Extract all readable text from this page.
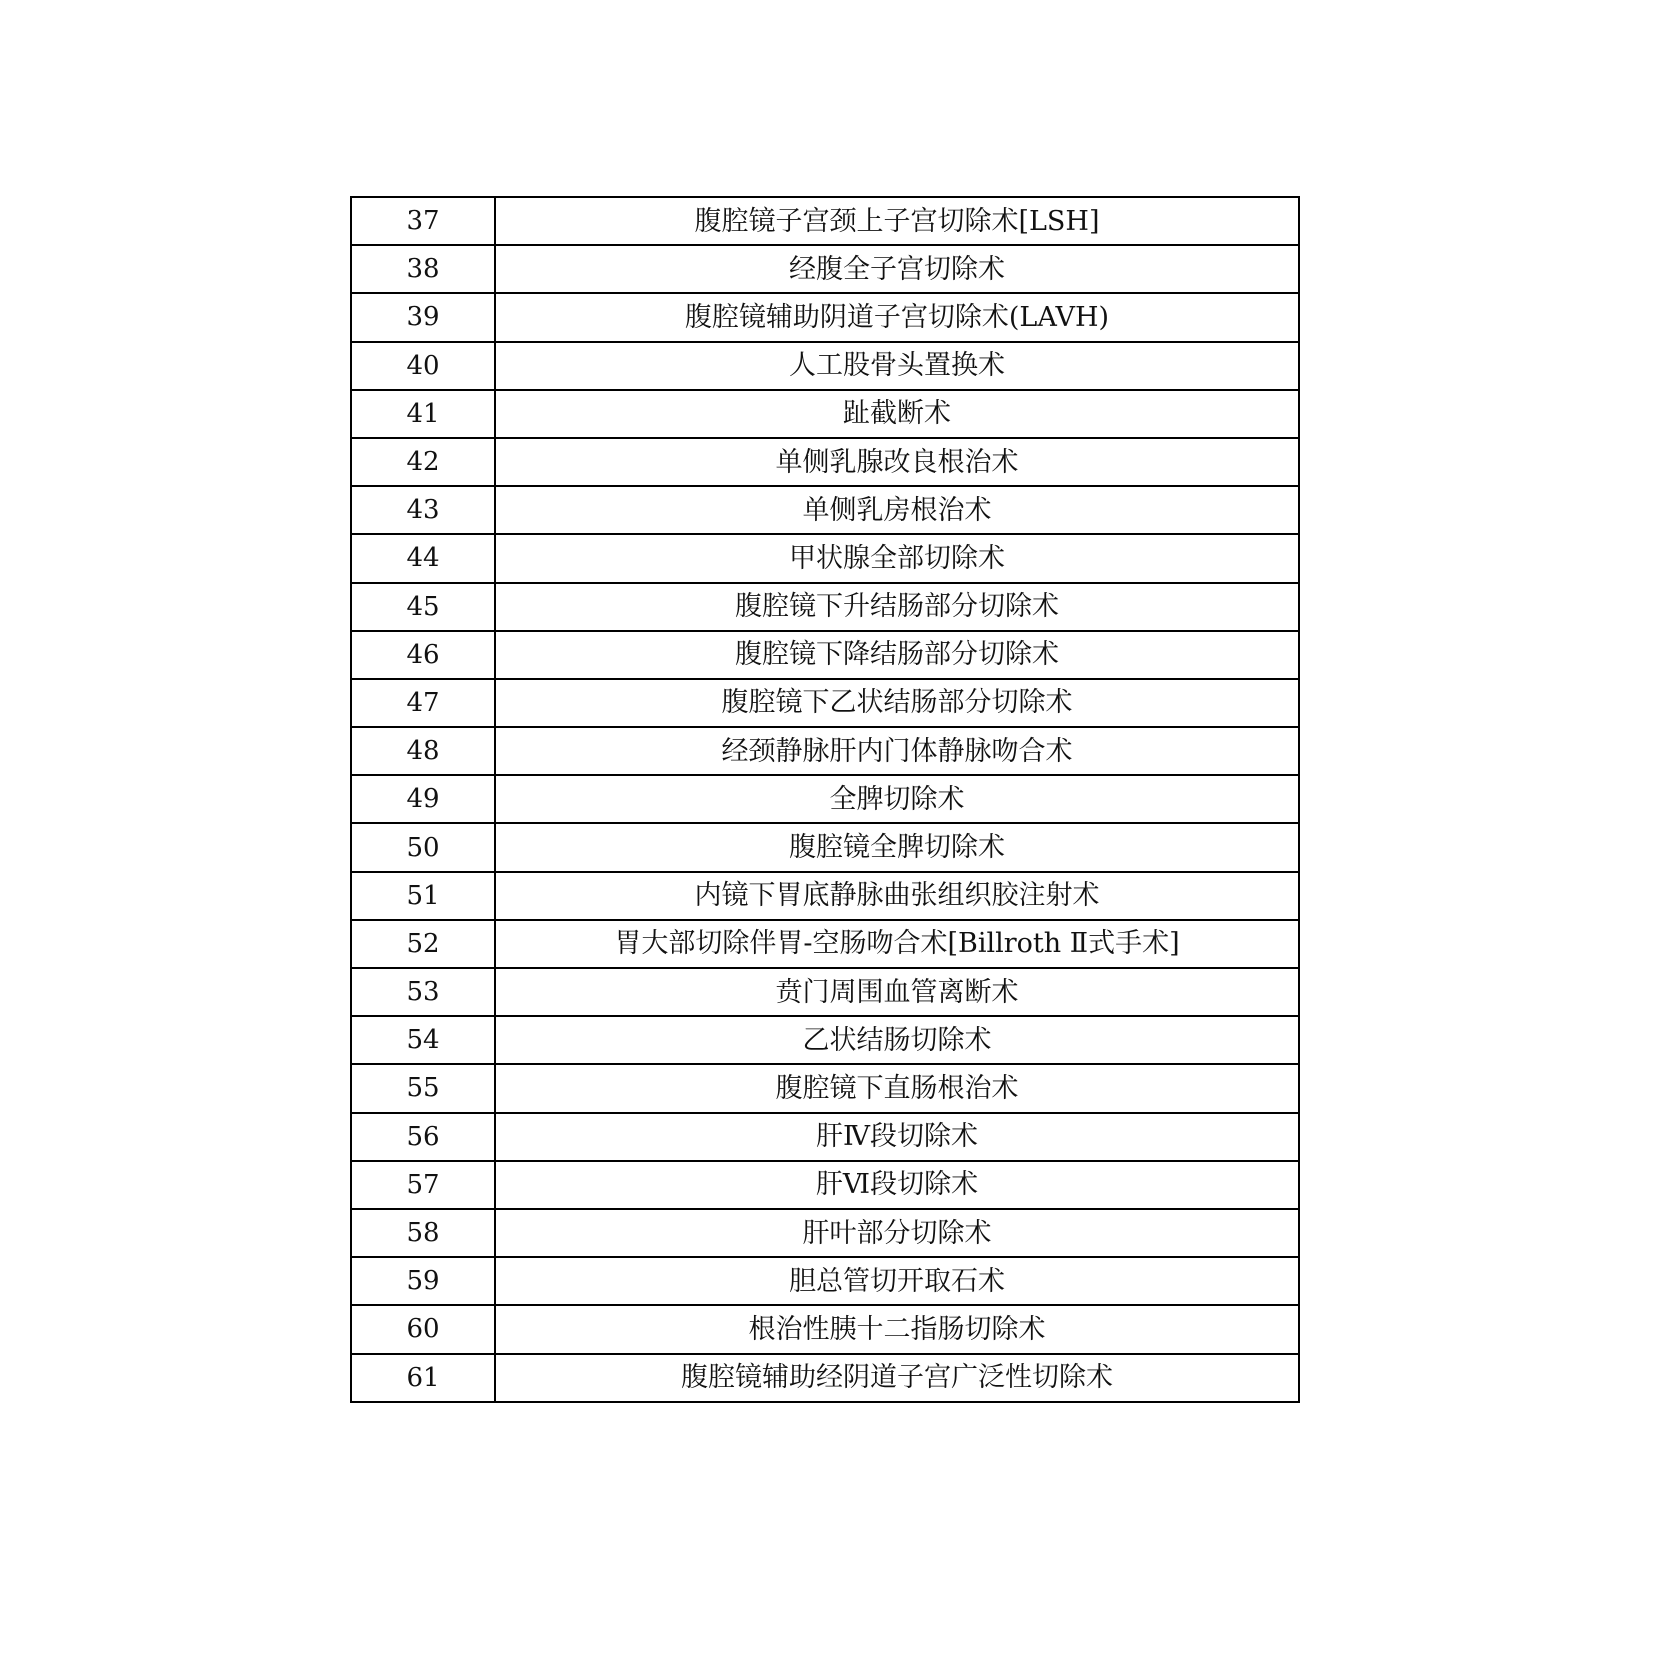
37	腹腔镜子宫颈上子宫切除术[LSH]
38	经腹全子宫切除术
39	腹腔镜辅助阴道子宫切除术(LAVH)
40	人工股骨头置换术
41	趾截断术
42	单侧乳腺改良根治术
43	单侧乳房根治术
44	甲状腺全部切除术
45	腹腔镜下升结肠部分切除术
46	腹腔镜下降结肠部分切除术
47	腹腔镜下乙状结肠部分切除术
48	经颈静脉肝内门体静脉吻合术
49	全脾切除术
50	腹腔镜全脾切除术
51	内镜下胃底静脉曲张组织胶注射术
52	胃大部切除伴胃-空肠吻合术[Billroth Ⅱ式手术]
53	贲门周围血管离断术
54	乙状结肠切除术
55	腹腔镜下直肠根治术
56	肝Ⅳ段切除术
57	肝Ⅵ段切除术
58	肝叶部分切除术
59	胆总管切开取石术
60	根治性胰十二指肠切除术
61	腹腔镜辅助经阴道子宫广泛性切除术
